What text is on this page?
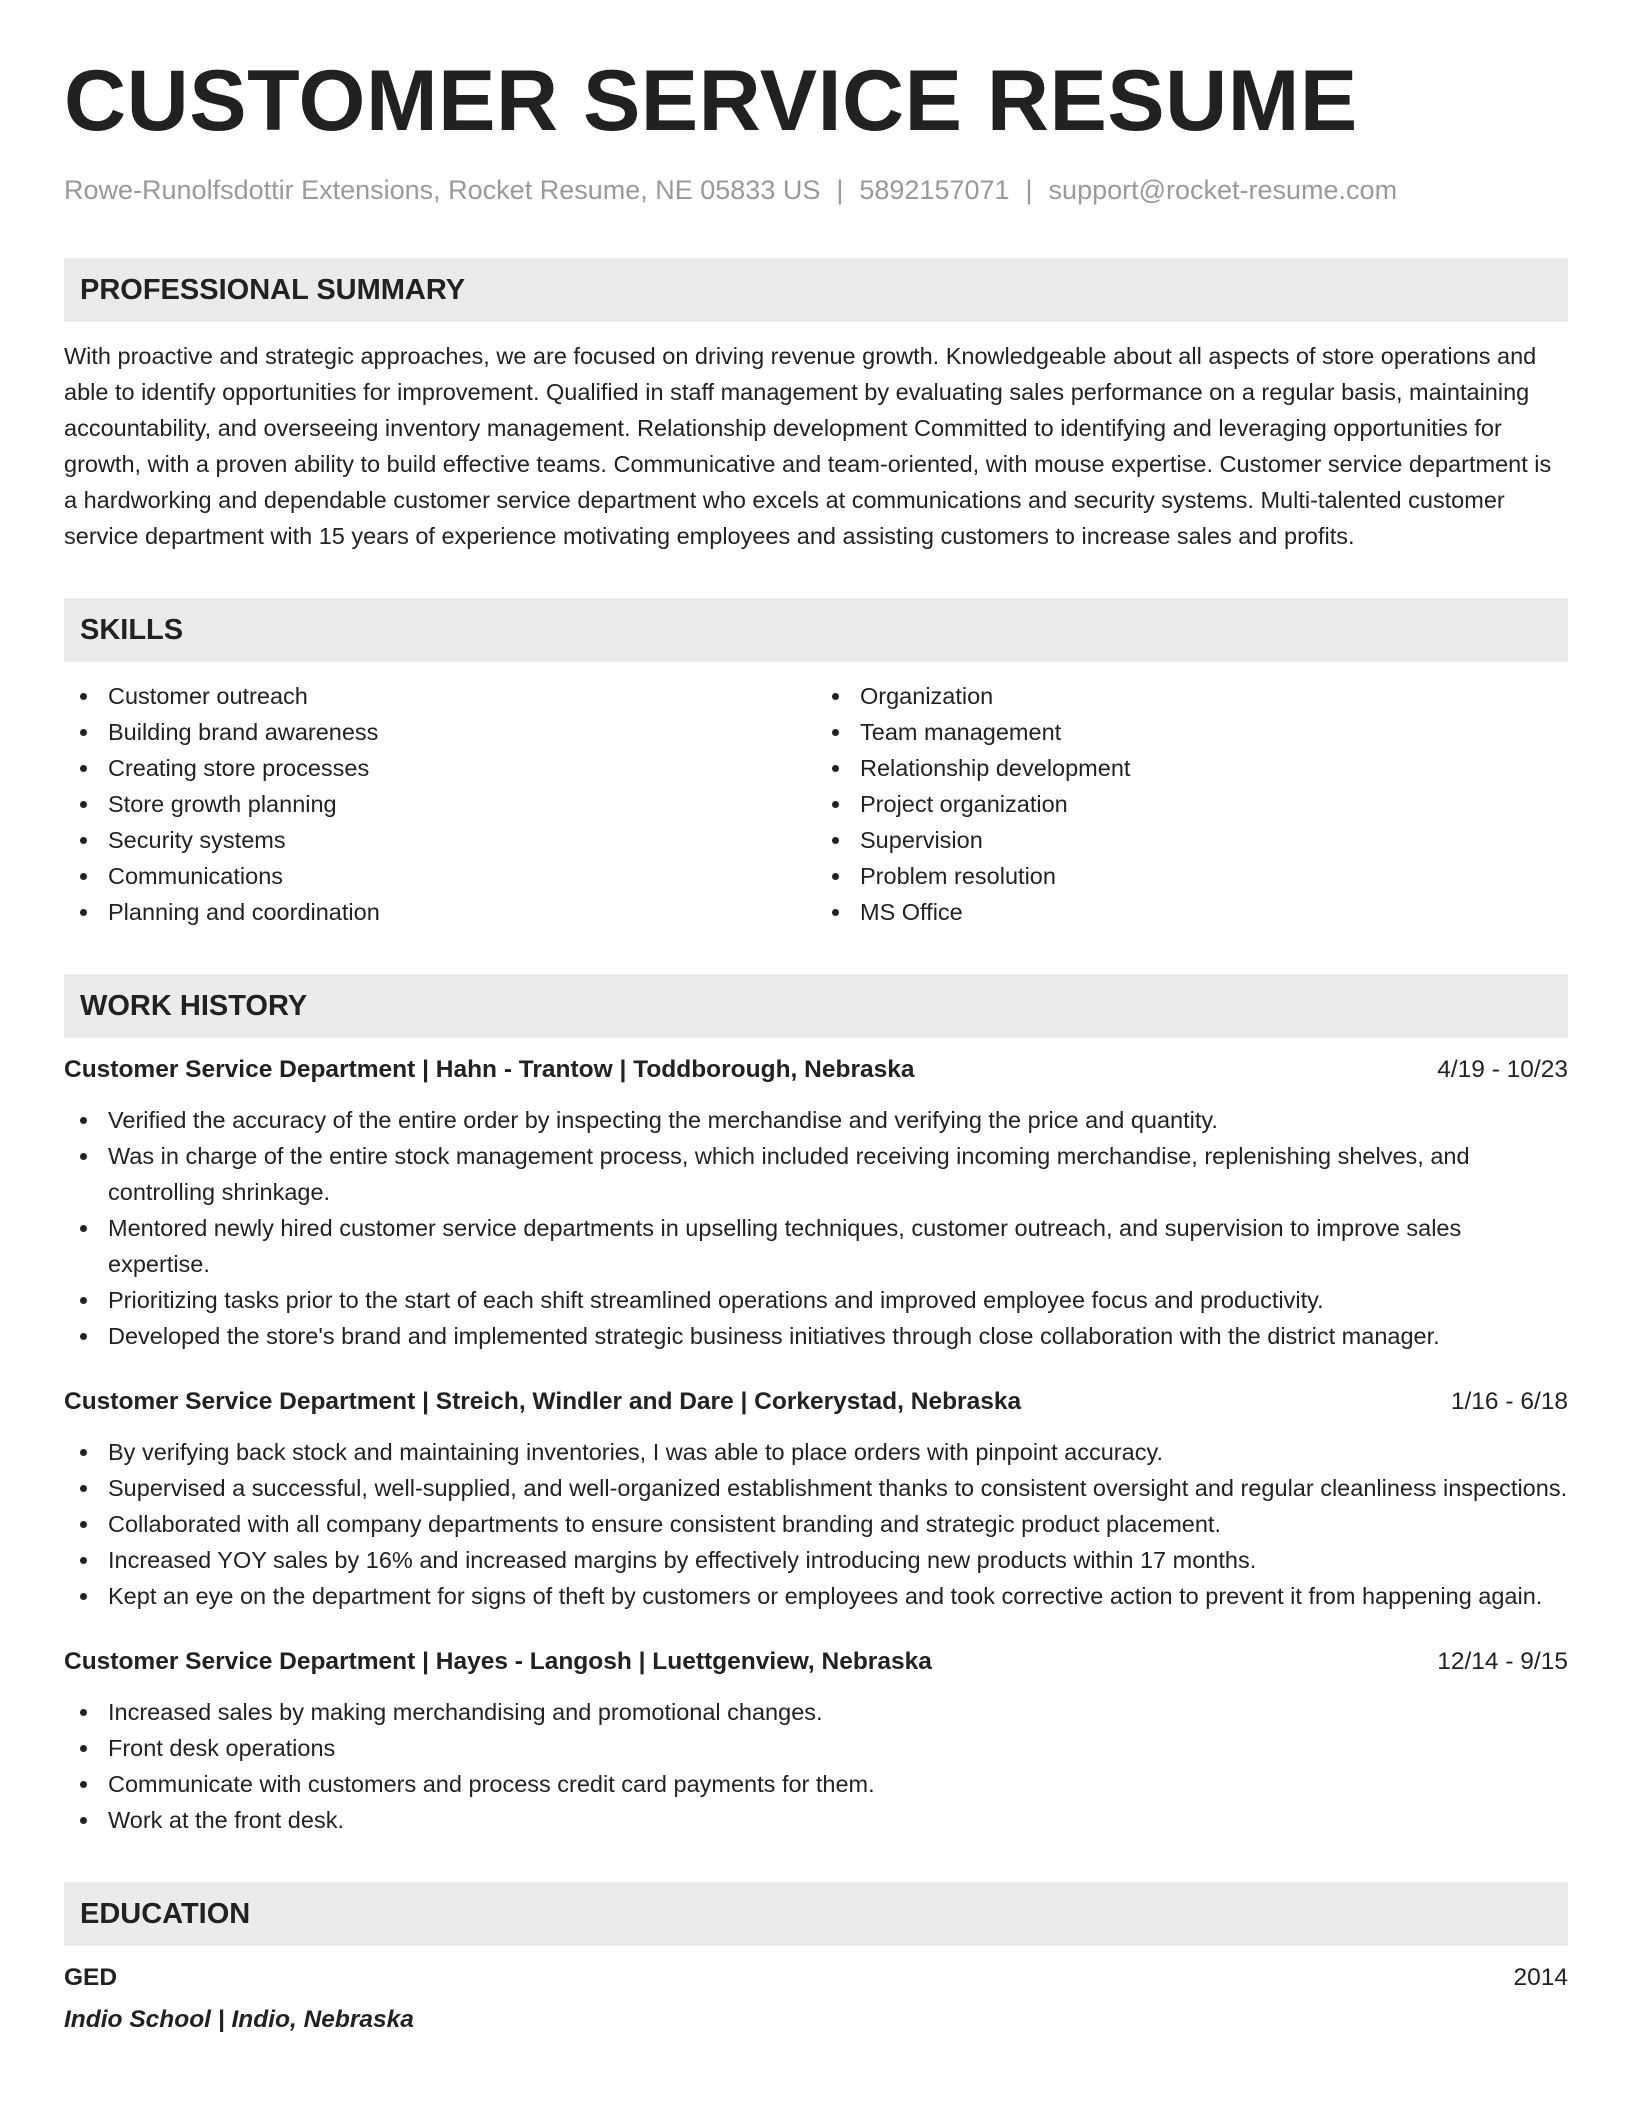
CUSTOMER SERVICE RESUME
Rowe-Runolfsdottir Extensions, Rocket Resume, NE 05833 US | 5892157071 | support@rocket-resume.com
PROFESSIONAL SUMMARY
With proactive and strategic approaches, we are focused on driving revenue growth. Knowledgeable about all aspects of store operations and able to identify opportunities for improvement. Qualified in staff management by evaluating sales performance on a regular basis, maintaining accountability, and overseeing inventory management. Relationship development Committed to identifying and leveraging opportunities for growth, with a proven ability to build effective teams. Communicative and team-oriented, with mouse expertise. Customer service department is a hardworking and dependable customer service department who excels at communications and security systems. Multi-talented customer service department with 15 years of experience motivating employees and assisting customers to increase sales and profits.
SKILLS
Customer outreach
Building brand awareness
Creating store processes
Store growth planning
Security systems
Communications
Planning and coordination
Organization
Team management
Relationship development
Project organization
Supervision
Problem resolution
MS Office
WORK HISTORY
Customer Service Department | Hahn - Trantow | Toddborough, Nebraska	4/19 - 10/23
Verified the accuracy of the entire order by inspecting the merchandise and verifying the price and quantity.
Was in charge of the entire stock management process, which included receiving incoming merchandise, replenishing shelves, and controlling shrinkage.
Mentored newly hired customer service departments in upselling techniques, customer outreach, and supervision to improve sales expertise.
Prioritizing tasks prior to the start of each shift streamlined operations and improved employee focus and productivity.
Developed the store's brand and implemented strategic business initiatives through close collaboration with the district manager.
Customer Service Department | Streich, Windler and Dare | Corkerystad, Nebraska	1/16 - 6/18
By verifying back stock and maintaining inventories, I was able to place orders with pinpoint accuracy.
Supervised a successful, well-supplied, and well-organized establishment thanks to consistent oversight and regular cleanliness inspections.
Collaborated with all company departments to ensure consistent branding and strategic product placement.
Increased YOY sales by 16% and increased margins by effectively introducing new products within 17 months.
Kept an eye on the department for signs of theft by customers or employees and took corrective action to prevent it from happening again.
Customer Service Department | Hayes - Langosh | Luettgenview, Nebraska	12/14 - 9/15
Increased sales by making merchandising and promotional changes.
Front desk operations
Communicate with customers and process credit card payments for them.
Work at the front desk.
EDUCATION
GED	2014
Indio School | Indio, Nebraska
